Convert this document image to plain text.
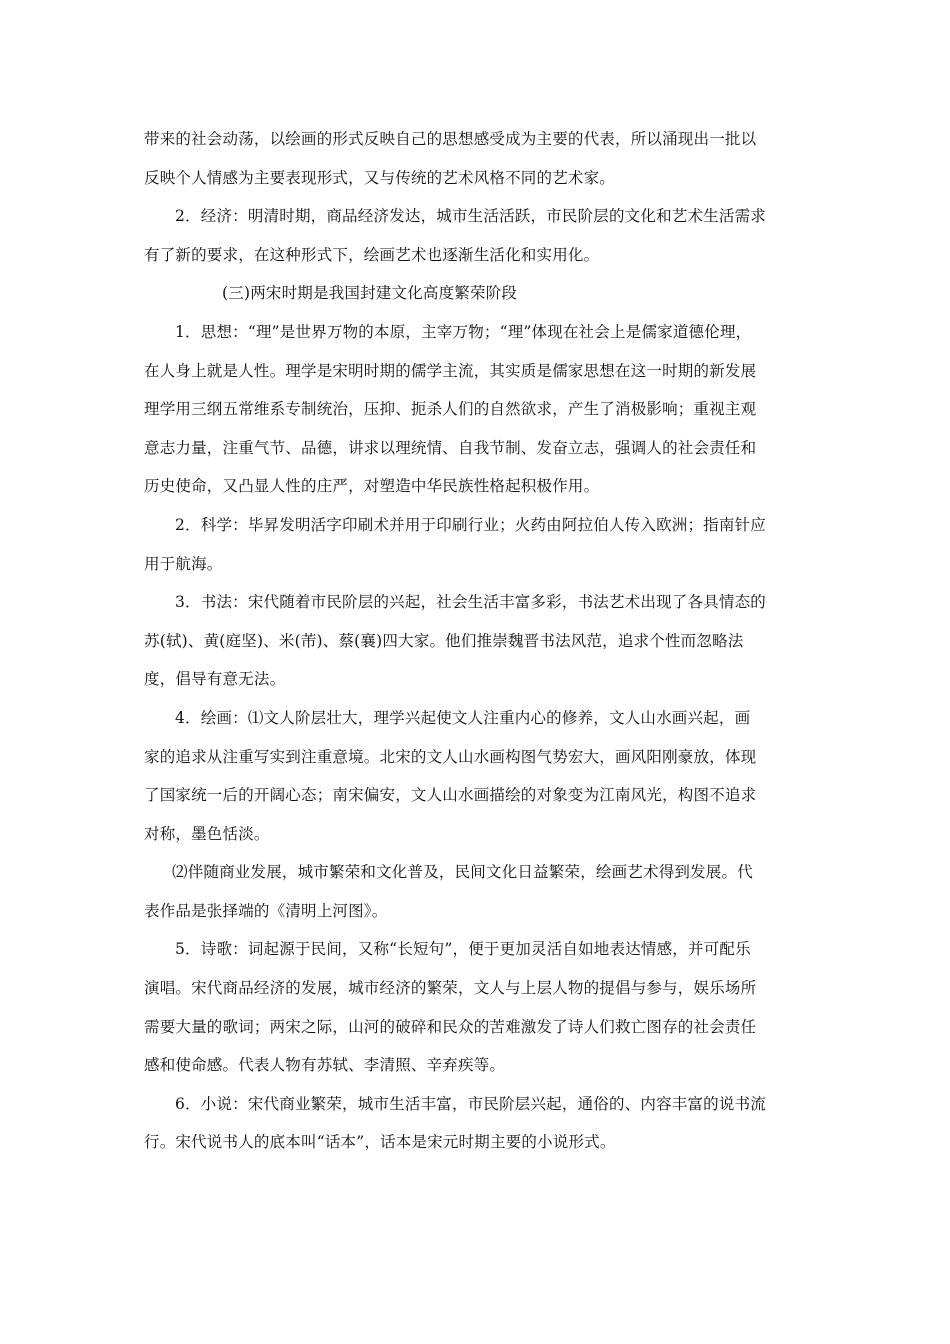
带来的社会动荡，以绘画的形式反映自己的思想感受成为主要的代表，所以涌现出一批以
反映个人情感为主要表现形式，又与传统的艺术风格不同的艺术家。
2．经济：明清时期，商品经济发达，城市生活活跃，市民阶层的文化和艺术生活需求
有了新的要求，在这种形式下，绘画艺术也逐渐生活化和实用化。
(三)两宋时期是我国封建文化高度繁荣阶段
1．思想：“理”是世界万物的本原，主宰万物；“理”体现在社会上是儒家道德伦理，
在人身上就是人性。理学是宋明时期的儒学主流，其实质是儒家思想在这一时期的新发展
理学用三纲五常维系专制统治，压抑、扼杀人们的自然欲求，产生了消极影响；重视主观
意志力量，注重气节、品德，讲求以理统情、自我节制、发奋立志，强调人的社会责任和
历史使命，又凸显人性的庄严，对塑造中华民族性格起积极作用。
2．科学：毕昇发明活字印刷术并用于印刷行业；火药由阿拉伯人传入欧洲；指南针应
用于航海。
3．书法：宋代随着市民阶层的兴起，社会生活丰富多彩，书法艺术出现了各具情态的
苏(轼)、黄(庭坚)、米(芾)、蔡(襄)四大家。他们推崇魏晋书法风范，追求个性而忽略法
度，倡导有意无法。
4．绘画：⑴文人阶层壮大，理学兴起使文人注重内心的修养，文人山水画兴起，画
家的追求从注重写实到注重意境。北宋的文人山水画构图气势宏大，画风阳刚豪放，体现
了国家统一后的开阔心态；南宋偏安，文人山水画描绘的对象变为江南风光，构图不追求
对称，墨色恬淡。
⑵伴随商业发展，城市繁荣和文化普及，民间文化日益繁荣，绘画艺术得到发展。代
表作品是张择端的《清明上河图》。
5．诗歌：词起源于民间，又称“长短句”，便于更加灵活自如地表达情感，并可配乐
演唱。宋代商品经济的发展，城市经济的繁荣，文人与上层人物的提倡与参与，娱乐场所
需要大量的歌词；两宋之际，山河的破碎和民众的苦难激发了诗人们救亡图存的社会责任
感和使命感。代表人物有苏轼、李清照、辛弃疾等。
6．小说：宋代商业繁荣，城市生活丰富，市民阶层兴起，通俗的、内容丰富的说书流
行。宋代说书人的底本叫“话本”，话本是宋元时期主要的小说形式。
